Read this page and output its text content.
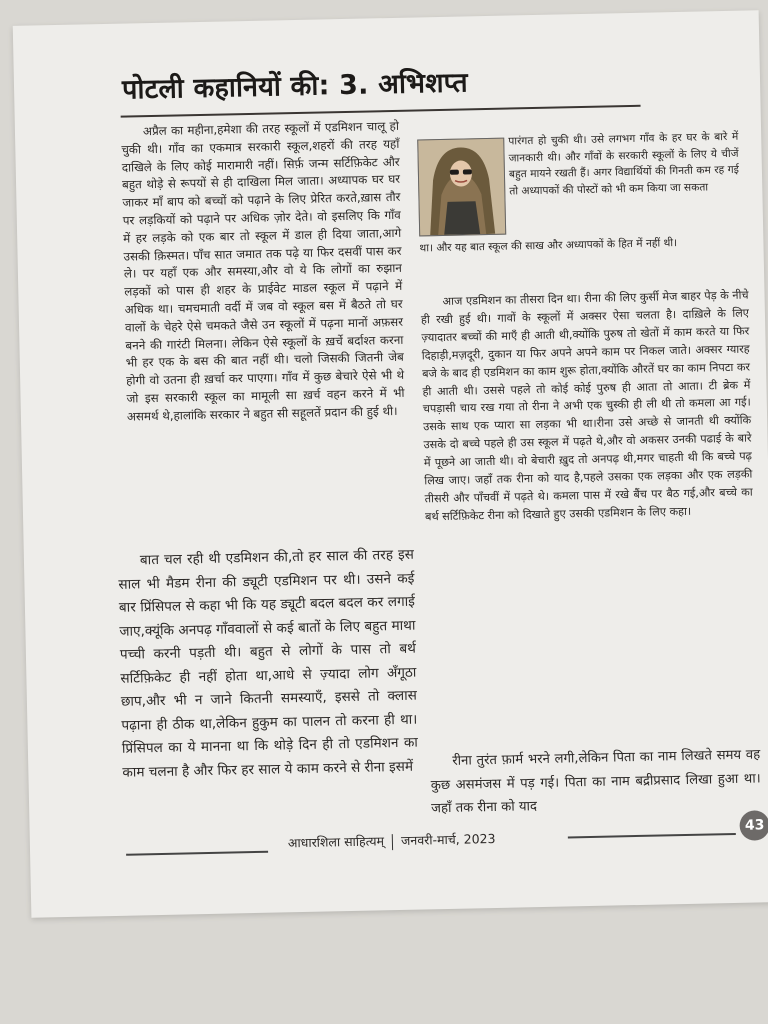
पोटली कहानियों की: 3. अभिशप्त

अप्रैल का महीना,हमेशा की तरह स्कूलों में एडमिशन चालू हो चुकी थी। गाँव का एकमात्र सरकारी स्कूल,शहरों की तरह यहाँ दाखिले के लिए कोई मारामारी नहीं। सिर्फ़ जन्म सर्टिफ़िकेट और बहुत थोड़े से रूपयों से ही दाखिला मिल जाता। अध्यापक घर घर जाकर माँ बाप को बच्चों को पढ़ाने के लिए प्रेरित करते,ख़ास तौर पर लड़कियों को पढ़ाने पर अधिक ज़ोर देते। वो इसलिए कि गाँव में हर लड़के को एक बार तो स्कूल में डाल ही दिया जाता,आगे उसकी क़िस्मत। पाँच सात जमात तक पढ़े या फिर दसवीं पास कर ले। पर यहाँ एक और समस्या,और वो ये कि लोगों का रुझान लड़कों को पास ही शहर के प्राईवेट माडल स्कूल में पढ़ाने में अधिक था। चमचमाती वर्दी में जब वो स्कूल बस में बैठते तो घर वालों के चेहरे ऐसे चमकते जैसे उन स्कूलों में पढ़ना मानों अफ़सर बनने की गारंटी मिलना। लेकिन ऐसे स्कूलों के ख़र्चे बर्दाश्त करना भी हर एक के बस की बात नहीं थी। चलो जिसकी जितनी जेब होगी वो उतना ही ख़र्चा कर पाएगा। गाँव में कुछ बेचारे ऐसे भी थे जो इस सरकारी स्कूल का मामूली सा ख़र्च वहन करने में भी असमर्थ थे,हालांकि सरकार ने बहुत सी सहूलतें प्रदान की हुई थी।

बात चल रही थी एडमिशन की,तो हर साल की तरह इस साल भी मैडम रीना की ड्यूटी एडमिशन पर थी। उसने कई बार प्रिंसिपल से कहा भी कि यह ड्यूटी बदल बदल कर लगाई जाए,क्यूंकि अनपढ़ गाँववालों से कई बातों के लिए बहुत माथा पच्ची करनी पड़ती थी। बहुत से लोगों के पास तो बर्थ सर्टिफ़िकेट ही नहीं होता था,आधे से ज़्यादा लोग अँगूठा छाप,और भी न जाने कितनी समस्याएँ, इससे तो क्लास पढ़ाना ही ठीक था,लेकिन हुकुम का पालन तो करना ही था। प्रिंसिपल का ये मानना था कि थोड़े दिन ही तो एडमिशन का काम चलना है और फिर हर साल ये काम करने से रीना इसमें

पारंगत हो चुकी थी। उसे लगभग गाँव के हर घर के बारे में जानकारी थी। और गाँवों के सरकारी स्कूलों के लिए ये चीजें बहुत मायने रखती हैं। अगर विद्यार्थियों की गिनती कम रह गई तो अध्यापकों की पोस्टों को भी कम किया जा सकता

था। और यह बात स्कूल की साख और अध्यापकों के हित में नहीं थी।

आज एडमिशन का तीसरा दिन था। रीना की लिए कुर्सी मेज बाहर पेड़ के नीचे ही रखी हुई थी। गावों के स्कूलों में अक्सर ऐसा चलता है। दाख़िले के लिए ज़्यादातर बच्चों की माएँ ही आती थी,क्योंकि पुरुष तो खेतों में काम करते या फिर दिहाड़ी,मज़दूरी, दुकान या फिर अपने अपने काम पर निकल जाते। अक्सर ग्यारह बजे के बाद ही एडमिशन का काम शुरू होता,क्योंकि औरतें घर का काम निपटा कर ही आती थी। उससे पहले तो कोई कोई पुरुष ही आता तो आता। टी ब्रेक में चपड़ासी चाय रख गया तो रीना ने अभी एक चुस्की ही ली थी तो कमला आ गई। उसके साथ एक प्यारा सा लड़का भी था।रीना उसे अच्छे से जानती थी क्योंकि उसके दो बच्चे पहले ही उस स्कूल में पढ़ते थे,और वो अकसर उनकी पढाई के बारे में पूछने आ जाती थी। वो बेचारी ख़ुद तो अनपढ़ थी,मगर चाहती थी कि बच्चे पढ़ लिख जाए। जहाँ तक रीना को याद है,पहले उसका एक लड़का और एक लड़की तीसरी और पाँचवीं में पढ़ते थे। कमला पास में रखे बैंच पर बैठ गई,और बच्चे का बर्थ सर्टिफ़िकेट रीना को दिखाते हुए उसकी एडमिशन के लिए कहा।

रीना तुरंत फ़ार्म भरने लगी,लेकिन पिता का नाम लिखते समय वह कुछ असमंजस में पड़ गई। पिता का नाम बद्रीप्रसाद लिखा हुआ था। जहाँ तक रीना को याद

आधारशिला साहित्यम् जनवरी-मार्च, 2023
43
